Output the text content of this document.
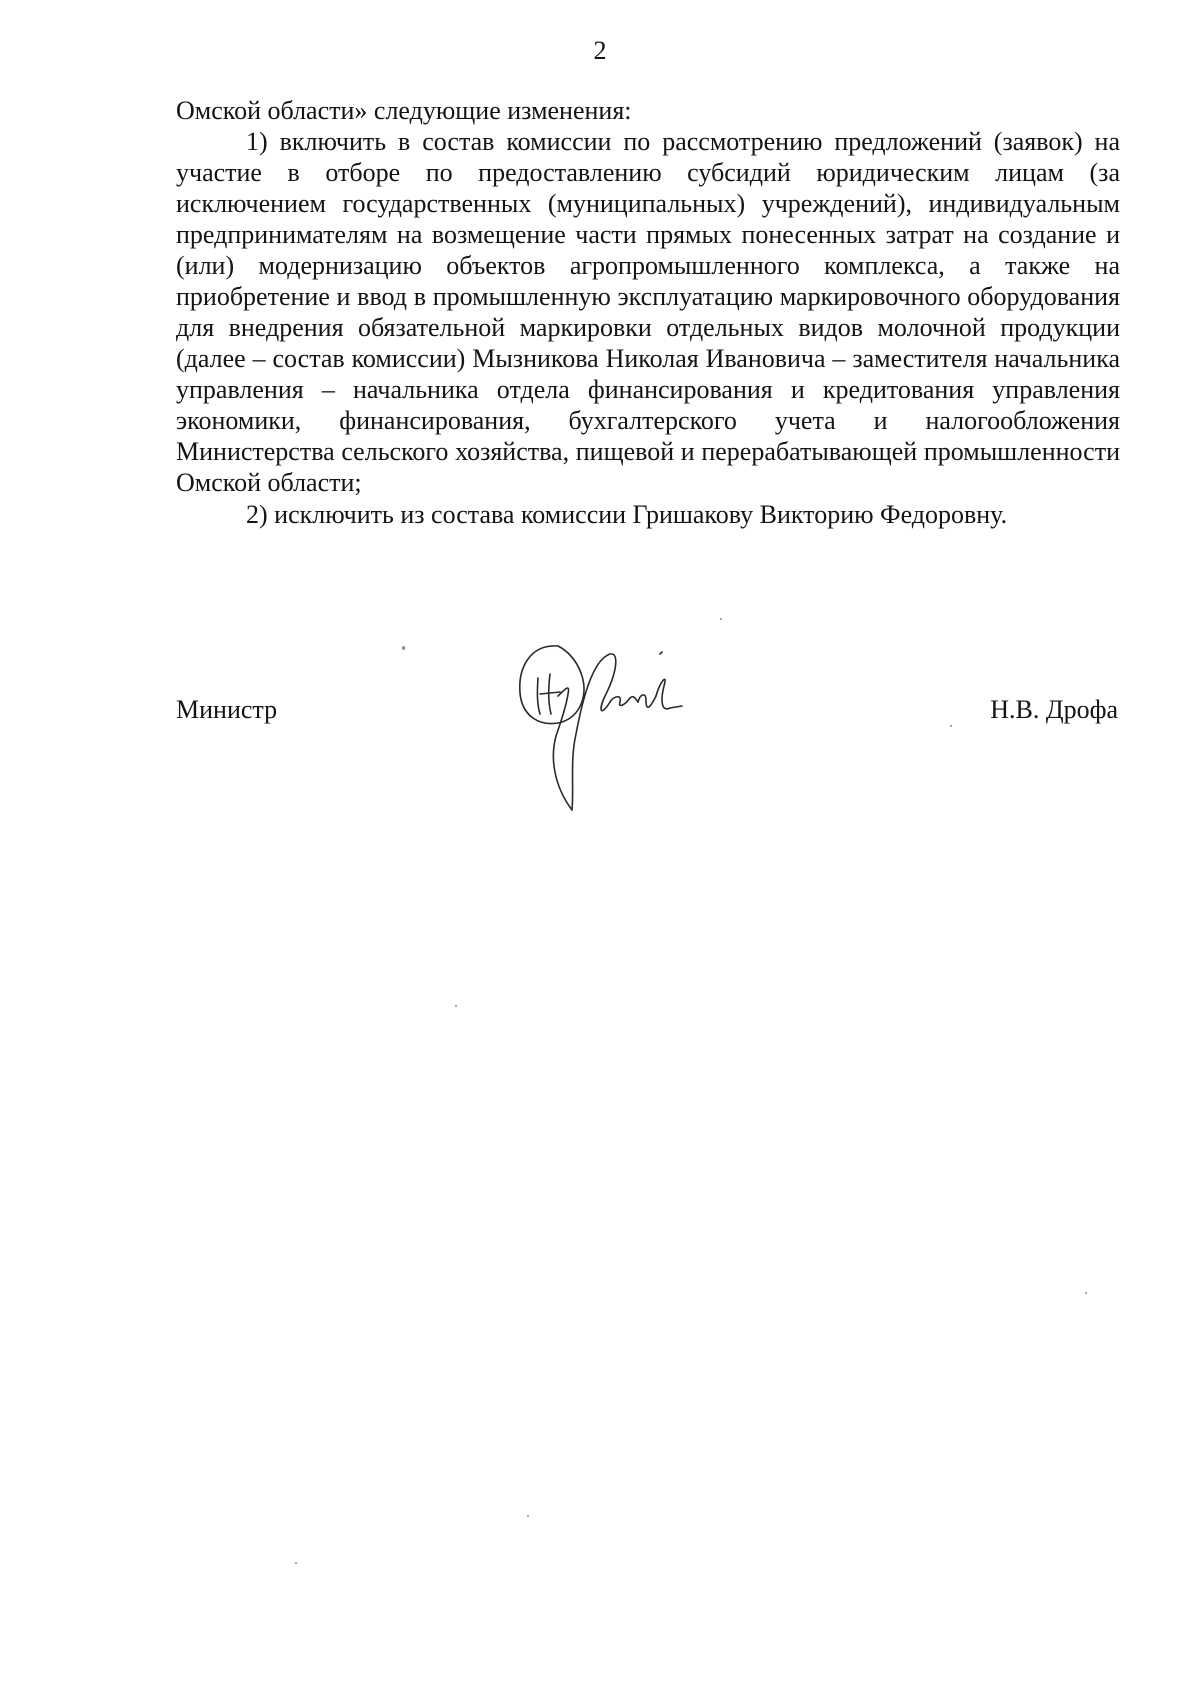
2

Омской области» следующие изменения:

1) включить в состав комиссии по рассмотрению предложений (заявок) на участие в отборе по предоставлению субсидий юридическим лицам (за исключением государственных (муниципальных) учреждений), индивидуальным предпринимателям на возмещение части прямых понесенных затрат на создание и (или) модернизацию объектов агропромышленного комплекса, а также на приобретение и ввод в промышленную эксплуатацию маркировочного оборудования для внедрения обязательной маркировки отдельных видов молочной продукции (далее – состав комиссии) Мызникова Николая Ивановича – заместителя начальника управления – начальника отдела финансирования и кредитования управления экономики, финансирования, бухгалтерского учета и налогообложения Министерства сельского хозяйства, пищевой и перерабатывающей промышленности Омской области;

2) исключить из состава комиссии Гришакову Викторию Федоровну.

Министр	Н.В. Дрофа
